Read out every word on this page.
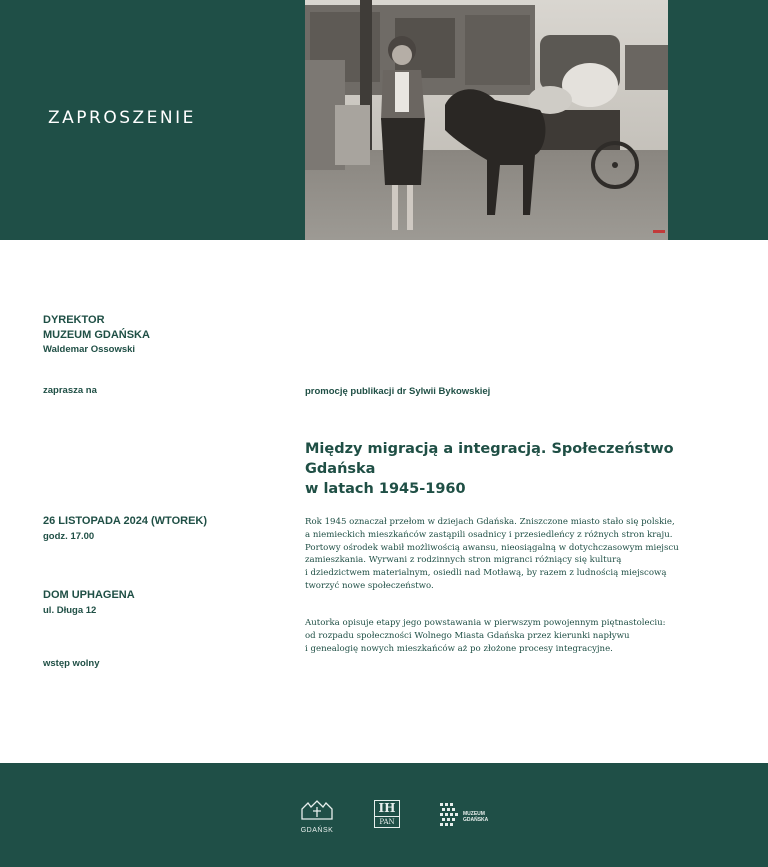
ZAPROSZENIE
DYREKTOR
MUZEUM GDAŃSKA
Waldemar Ossowski
zaprasza na
26 LISTOPADA 2024 (WTOREK)
godz. 17.00
DOM UPHAGENA
ul. Długa 12
wstęp wolny
promocję publikacji dr Sylwii Bykowskiej
Między migracją a integracją. Społeczeństwo Gdańska
w latach 1945-1960
Rok 1945 oznaczał przełom w dziejach Gdańska. Zniszczone miasto stało się polskie,
a niemieckich mieszkańców zastąpili osadnicy i przesiedleńcy z różnych stron kraju.
Portowy ośrodek wabił możliwością awansu, nieosiągalną w dotychczasowym miejscu
zamieszkania. Wyrwani z rodzinnych stron migranci różniący się kulturą
i dziedzictwem materialnym, osiedli nad Motławą, by razem z ludnością miejscową
tworzyć nowe społeczeństwo.
Autorka opisuje etapy jego powstawania w pierwszym powojennym piętnastoleciu:
od rozpadu społeczności Wolnego Miasta Gdańska przez kierunki napływu
i genealogię nowych mieszkańców aż po złożone procesy integracyjne.
GDAŃSK
IH
PAN
MUZEUM
GDAŃSKA
